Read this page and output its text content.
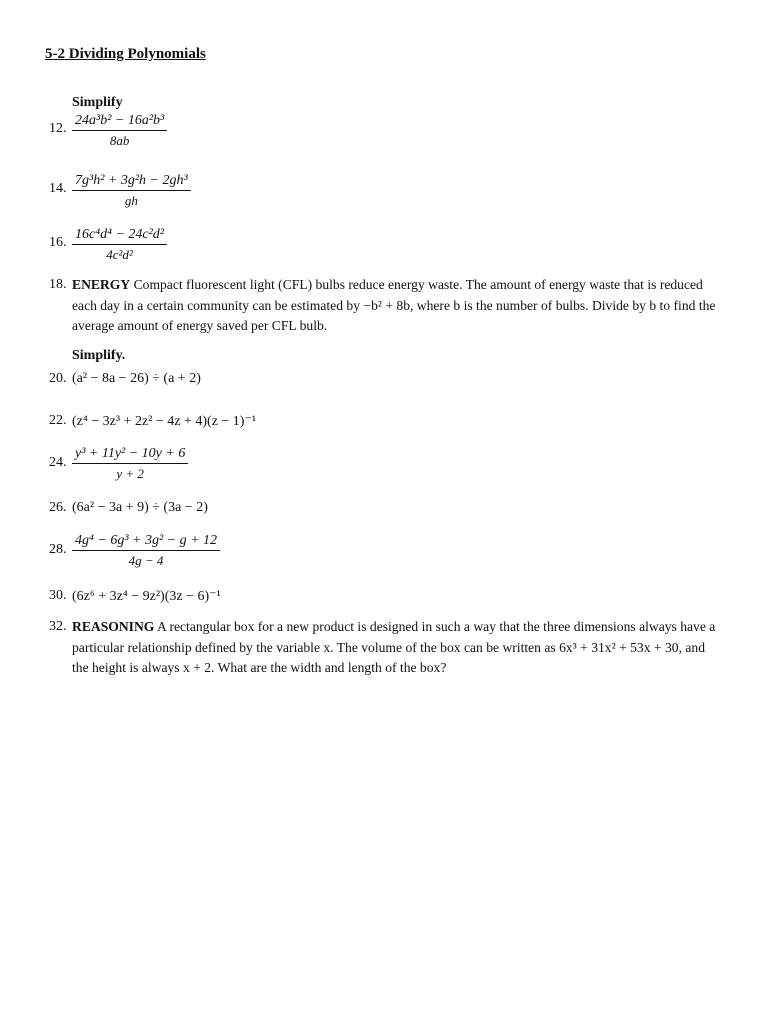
5-2 Dividing Polynomials
Simplify
12. $\frac{\text{24a³b² − 16a²b³}}{8ab}$
14. $\frac{\text{7g³h² + 3g²h − 2gh³}}{gh}$
16. $\frac{\text{16c⁴d⁴ − 24c²d²}}{\text{4c²d²}}$
18. ENERGY Compact fluorescent light (CFL) bulbs reduce energy waste. The amount of energy waste that is reduced each day in a certain community can be estimated by −b² + 8b, where b is the number of bulbs. Divide by b to find the average amount of energy saved per CFL bulb.
Simplify.
20. (a² − 8a − 26) ÷ (a + 2)
22. (z⁴ − 3z³ + 2z² − 4z + 4)(z − 1)⁻¹
24. $\frac{\text{y³ + 11y² − 10y + 6}}{y + 2}$
26. (6a² − 3a + 9) ÷ (3a − 2)
28. $\frac{\text{4g⁴ − 6g³ + 3g² − g + 12}}{4g - 4}$
30. (6z⁶ + 3z⁴ − 9z²)(3z − 6)⁻¹
32. REASONING A rectangular box for a new product is designed in such a way that the three dimensions always have a particular relationship defined by the variable x. The volume of the box can be written as 6x³ + 31x² + 53x + 30, and the height is always x + 2. What are the width and length of the box?
